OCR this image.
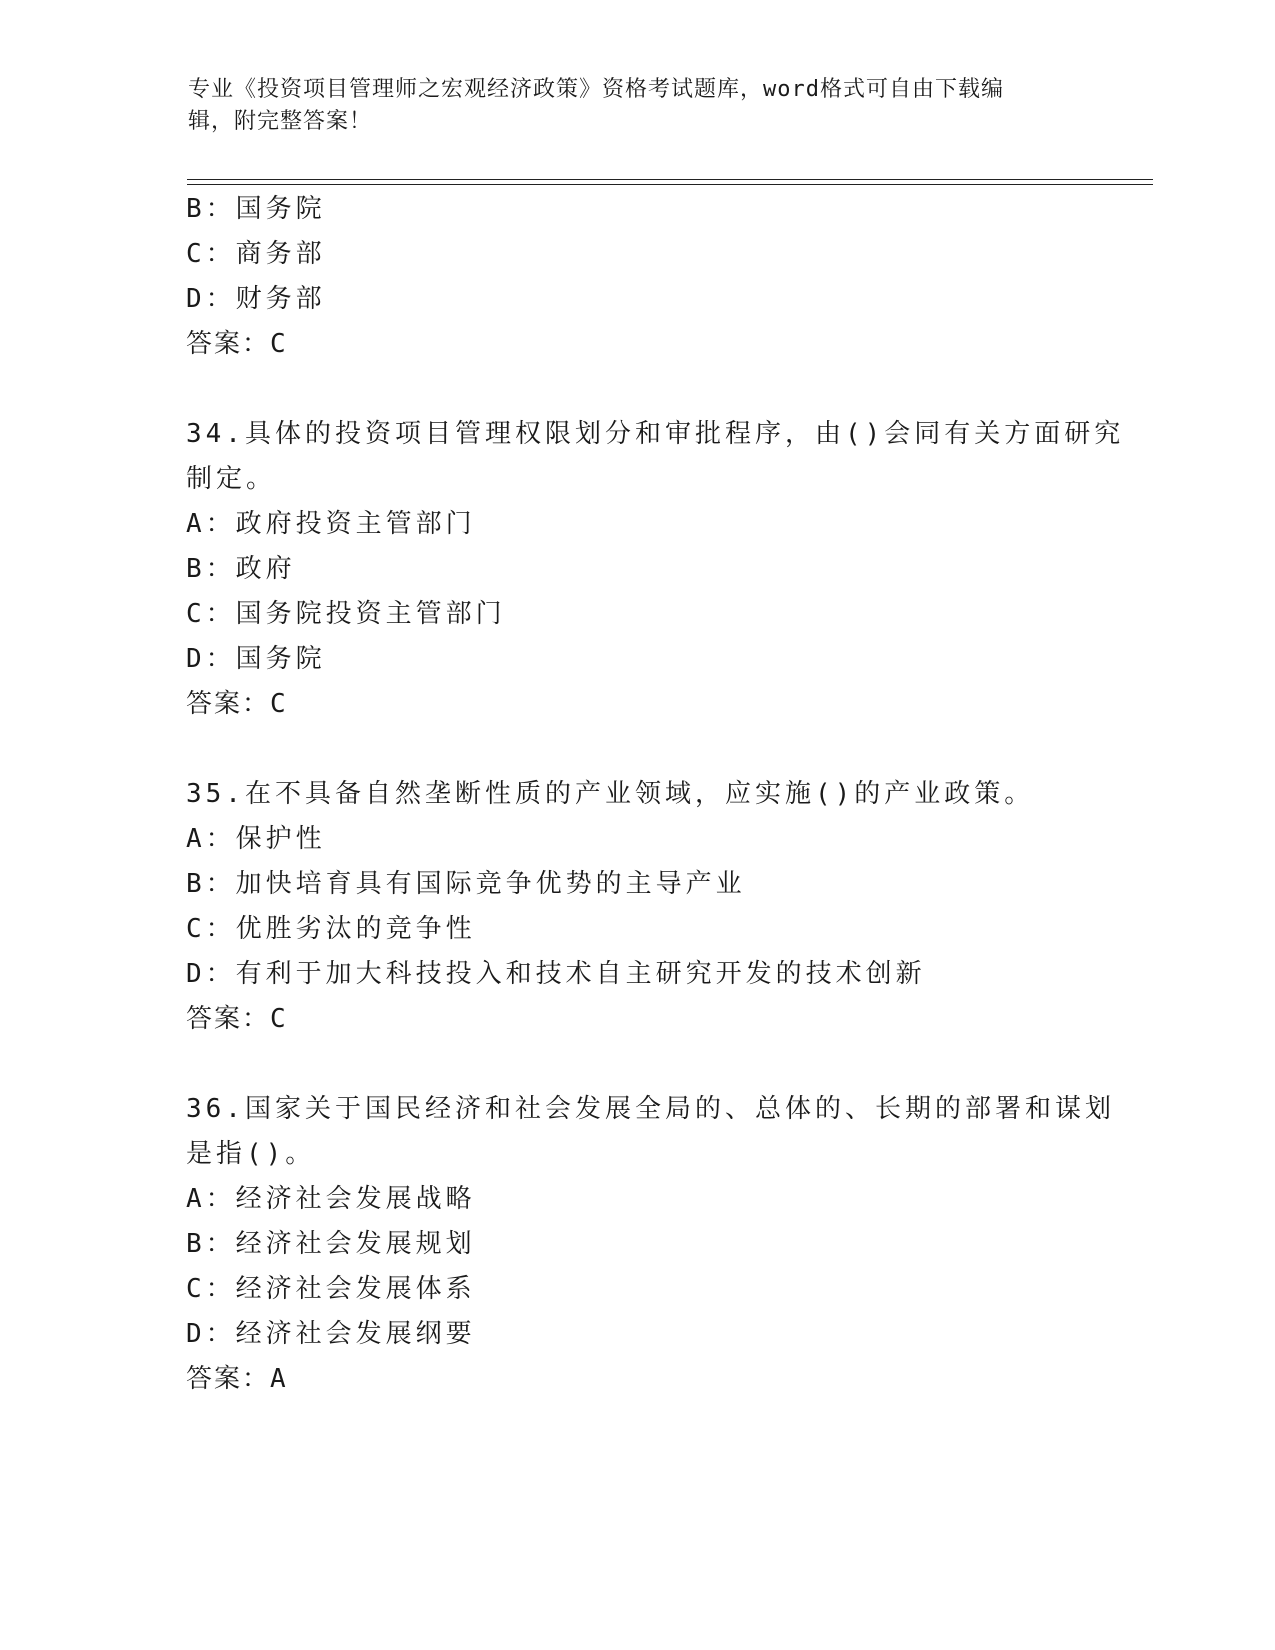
专业《投资项目管理师之宏观经济政策》资格考试题库，word格式可自由下载编
辑，附完整答案！
B：国务院
C：商务部
D：财务部
答案：C
34.具体的投资项目管理权限划分和审批程序，由()会同有关方面研究
制定。
A：政府投资主管部门
B：政府
C：国务院投资主管部门
D：国务院
答案：C
35.在不具备自然垄断性质的产业领域，应实施()的产业政策。
A：保护性
B：加快培育具有国际竞争优势的主导产业
C：优胜劣汰的竞争性
D：有利于加大科技投入和技术自主研究开发的技术创新
答案：C
36.国家关于国民经济和社会发展全局的、总体的、长期的部署和谋划
是指()。
A：经济社会发展战略
B：经济社会发展规划
C：经济社会发展体系
D：经济社会发展纲要
答案：A
